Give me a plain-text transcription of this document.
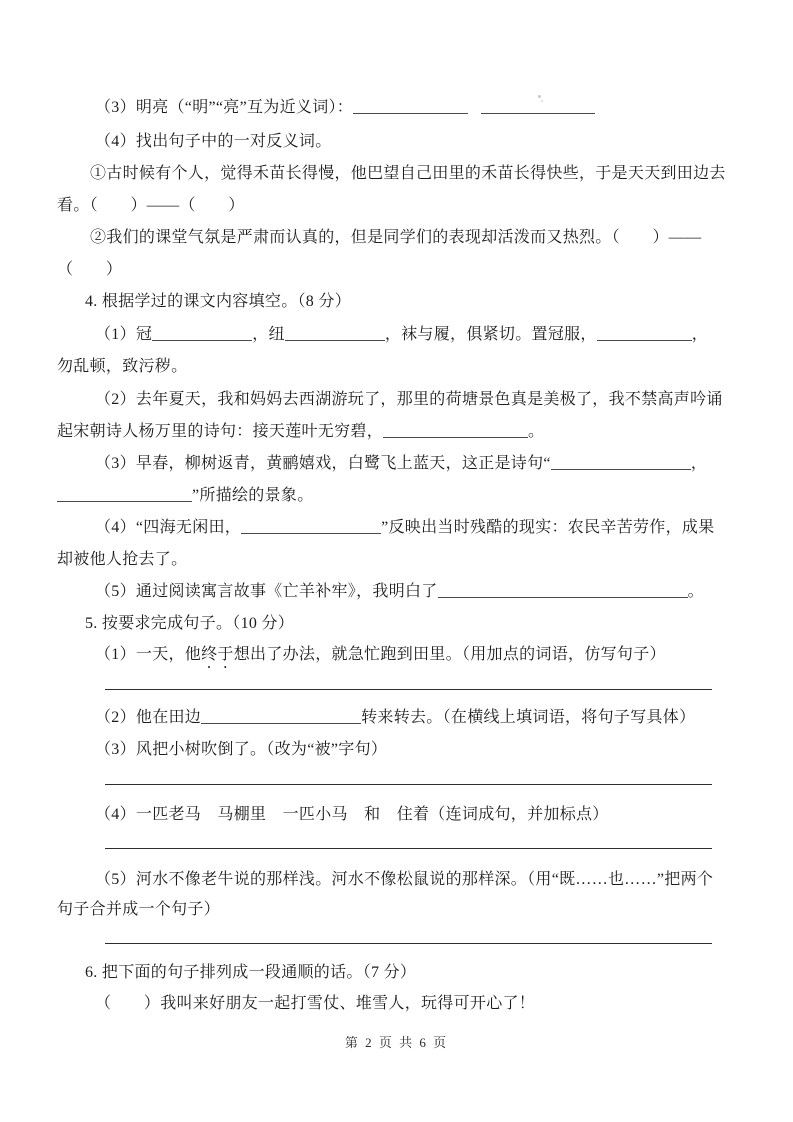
（3）明亮（“明”“亮”互为近义词）：
（4）找出句子中的一对反义词。
①古时候有个人，觉得禾苗长得慢，他巴望自己田里的禾苗长得快些，于是天天到田边去
看。（　　）——（　　）
②我们的课堂气氛是严肃而认真的，但是同学们的表现却活泼而又热烈。（　　）——
（　　）
4. 根据学过的课文内容填空。（8 分）
（1）冠	，纽	，袜与履，俱紧切。置冠服，	，
勿乱顿，致污秽。
（2）去年夏天，我和妈妈去西湖游玩了，那里的荷塘景色真是美极了，我不禁高声吟诵
起宋朝诗人杨万里的诗句：接天莲叶无穷碧，	。
（3）早春，柳树返青，黄鹂嬉戏，白鹭飞上蓝天，这正是诗句“	，
”所描绘的景象。
（4）“四海无闲田，	”反映出当时残酷的现实：农民辛苦劳作，成果
却被他人抢去了。
（5）通过阅读寓言故事《亡羊补牢》，我明白了	。
5. 按要求完成句子。（10 分）
（1）一天，他终于想出了办法，就急忙跑到田里。（用加点的词语，仿写句子）
（2）他在田边	转来转去。（在横线上填词语，将句子写具体）
（3）风把小树吹倒了。（改为“被”字句）
（4）一匹老马　马棚里　一匹小马　和　住着（连词成句，并加标点）
（5）河水不像老牛说的那样浅。河水不像松鼠说的那样深。（用“既……也……”把两个
句子合并成一个句子）
6. 把下面的句子排列成一段通顺的话。（7 分）
（　　）我叫来好朋友一起打雪仗、堆雪人，玩得可开心了！
第 2 页 共 6 页
